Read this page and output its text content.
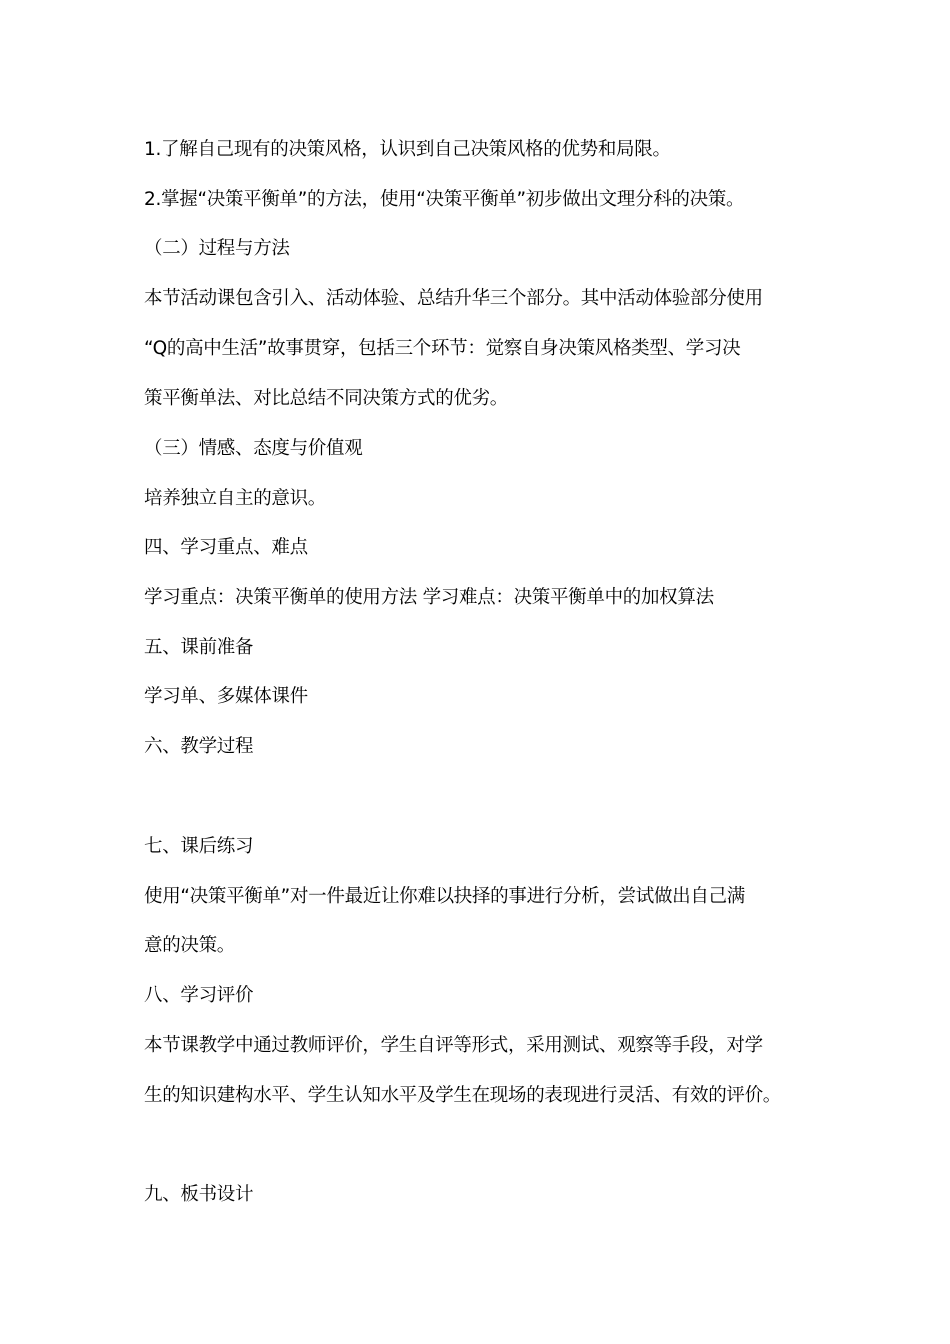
1.了解自己现有的决策风格，认识到自己决策风格的优势和局限。
2.掌握“决策平衡单”的方法，使用“决策平衡单”初步做出文理分科的决策。
（二）过程与方法
本节活动课包含引入、活动体验、总结升华三个部分。其中活动体验部分使用
“Q的高中生活”故事贯穿，包括三个环节：觉察自身决策风格类型、学习决
策平衡单法、对比总结不同决策方式的优劣。
（三）情感、态度与价值观
培养独立自主的意识。
四、学习重点、难点
学习重点：决策平衡单的使用方法 学习难点：决策平衡单中的加权算法
五、课前准备
学习单、多媒体课件
六、教学过程
七、课后练习
使用“决策平衡单”对一件最近让你难以抉择的事进行分析，尝试做出自己满
意的决策。
八、学习评价
本节课教学中通过教师评价，学生自评等形式，采用测试、观察等手段，对学
生的知识建构水平、学生认知水平及学生在现场的表现进行灵活、有效的评价。
九、板书设计
